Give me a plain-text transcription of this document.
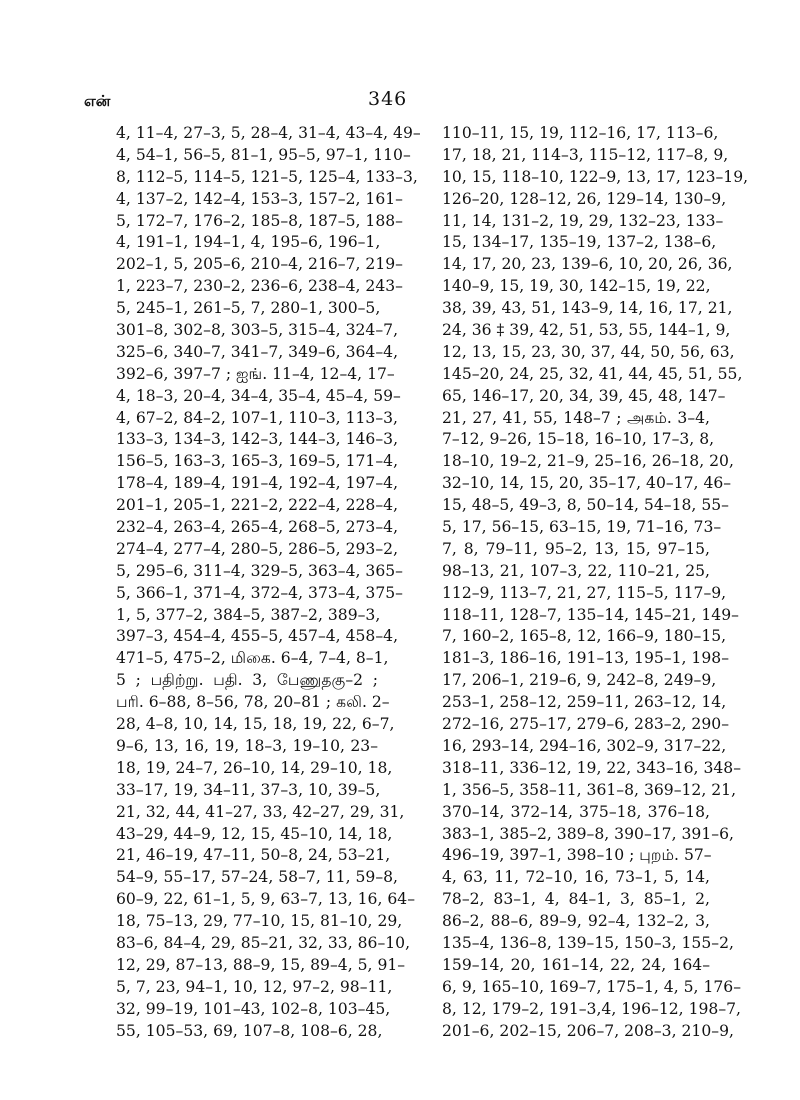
என்	346
4, 11–4, 27–3, 5, 28–4, 31–4, 43–4, 49–
4, 54–1, 56–5, 81–1, 95–5, 97–1, 110–
8, 112–5, 114–5, 121–5, 125–4, 133–3,
4, 137–2, 142–4, 153–3, 157–2, 161–
5, 172–7, 176–2, 185–8, 187–5, 188–
4, 191–1, 194–1, 4, 195–6, 196–1,
202–1, 5, 205–6, 210–4, 216–7, 219–
1, 223–7, 230–2, 236–6, 238–4, 243–
5, 245–1, 261–5, 7, 280–1, 300–5,
301–8, 302–8, 303–5, 315–4, 324–7,
325–6, 340–7, 341–7, 349–6, 364–4,
392–6, 397–7 ; ஐங். 11–4, 12–4, 17–
4, 18–3, 20–4, 34–4, 35–4, 45–4, 59–
4, 67–2, 84–2, 107–1, 110–3, 113–3,
133–3, 134–3, 142–3, 144–3, 146–3,
156–5, 163–3, 165–3, 169–5, 171–4,
178–4, 189–4, 191–4, 192–4, 197–4,
201–1, 205–1, 221–2, 222–4, 228–4,
232–4, 263–4, 265–4, 268–5, 273–4,
274–4, 277–4, 280–5, 286–5, 293–2,
5, 295–6, 311–4, 329–5, 363–4, 365–
5, 366–1, 371–4, 372–4, 373–4, 375–
1, 5, 377–2, 384–5, 387–2, 389–3,
397–3, 454–4, 455–5, 457–4, 458–4,
471–5, 475–2, மிகை. 6–4, 7–4, 8–1,
5 ; பதிற்று. பதி. 3, பேணுதகு–2 ;
பரி. 6–88, 8–56, 78, 20–81 ; கலி. 2–
28, 4–8, 10, 14, 15, 18, 19, 22, 6–7,
9–6, 13, 16, 19, 18–3, 19–10, 23–
18, 19, 24–7, 26–10, 14, 29–10, 18,
33–17, 19, 34–11, 37–3, 10, 39–5,
21, 32, 44, 41–27, 33, 42–27, 29, 31,
43–29, 44–9, 12, 15, 45–10, 14, 18,
21, 46–19, 47–11, 50–8, 24, 53–21,
54–9, 55–17, 57–24, 58–7, 11, 59–8,
60–9, 22, 61–1, 5, 9, 63–7, 13, 16, 64–
18, 75–13, 29, 77–10, 15, 81–10, 29,
83–6, 84–4, 29, 85–21, 32, 33, 86–10,
12, 29, 87–13, 88–9, 15, 89–4, 5, 91–
5, 7, 23, 94–1, 10, 12, 97–2, 98–11,
32, 99–19, 101–43, 102–8, 103–45,
55, 105–53, 69, 107–8, 108–6, 28,
110–11, 15, 19, 112–16, 17, 113–6,
17, 18, 21, 114–3, 115–12, 117–8, 9,
10, 15, 118–10, 122–9, 13, 17, 123–19,
126–20, 128–12, 26, 129–14, 130–9,
11, 14, 131–2, 19, 29, 132–23, 133–
15, 134–17, 135–19, 137–2, 138–6,
14, 17, 20, 23, 139–6, 10, 20, 26, 36,
140–9, 15, 19, 30, 142–15, 19, 22,
38, 39, 43, 51, 143–9, 14, 16, 17, 21,
24, 36 ‡ 39, 42, 51, 53, 55, 144–1, 9,
12, 13, 15, 23, 30, 37, 44, 50, 56, 63,
145–20, 24, 25, 32, 41, 44, 45, 51, 55,
65, 146–17, 20, 34, 39, 45, 48, 147–
21, 27, 41, 55, 148–7 ; அகம். 3–4,
7–12, 9–26, 15–18, 16–10, 17–3, 8,
18–10, 19–2, 21–9, 25–16, 26–18, 20,
32–10, 14, 15, 20, 35–17, 40–17, 46–
15, 48–5, 49–3, 8, 50–14, 54–18, 55–
5, 17, 56–15, 63–15, 19, 71–16, 73–
7, 8, 79–11, 95–2, 13, 15, 97–15,
98–13, 21, 107–3, 22, 110–21, 25,
112–9, 113–7, 21, 27, 115–5, 117–9,
118–11, 128–7, 135–14, 145–21, 149–
7, 160–2, 165–8, 12, 166–9, 180–15,
181–3, 186–16, 191–13, 195–1, 198–
17, 206–1, 219–6, 9, 242–8, 249–9,
253–1, 258–12, 259–11, 263–12, 14,
272–16, 275–17, 279–6, 283–2, 290–
16, 293–14, 294–16, 302–9, 317–22,
318–11, 336–12, 19, 22, 343–16, 348–
1, 356–5, 358–11, 361–8, 369–12, 21,
370–14, 372–14, 375–18, 376–18,
383–1, 385–2, 389–8, 390–17, 391–6,
496–19, 397–1, 398–10 ; புறம். 57–
4, 63, 11, 72–10, 16, 73–1, 5, 14,
78–2, 83–1, 4, 84–1, 3, 85–1, 2,
86–2, 88–6, 89–9, 92–4, 132–2, 3,
135–4, 136–8, 139–15, 150–3, 155–2,
159–14, 20, 161–14, 22, 24, 164–
6, 9, 165–10, 169–7, 175–1, 4, 5, 176–
8, 12, 179–2, 191–3,4, 196–12, 198–7,
201–6, 202–15, 206–7, 208–3, 210–9,
